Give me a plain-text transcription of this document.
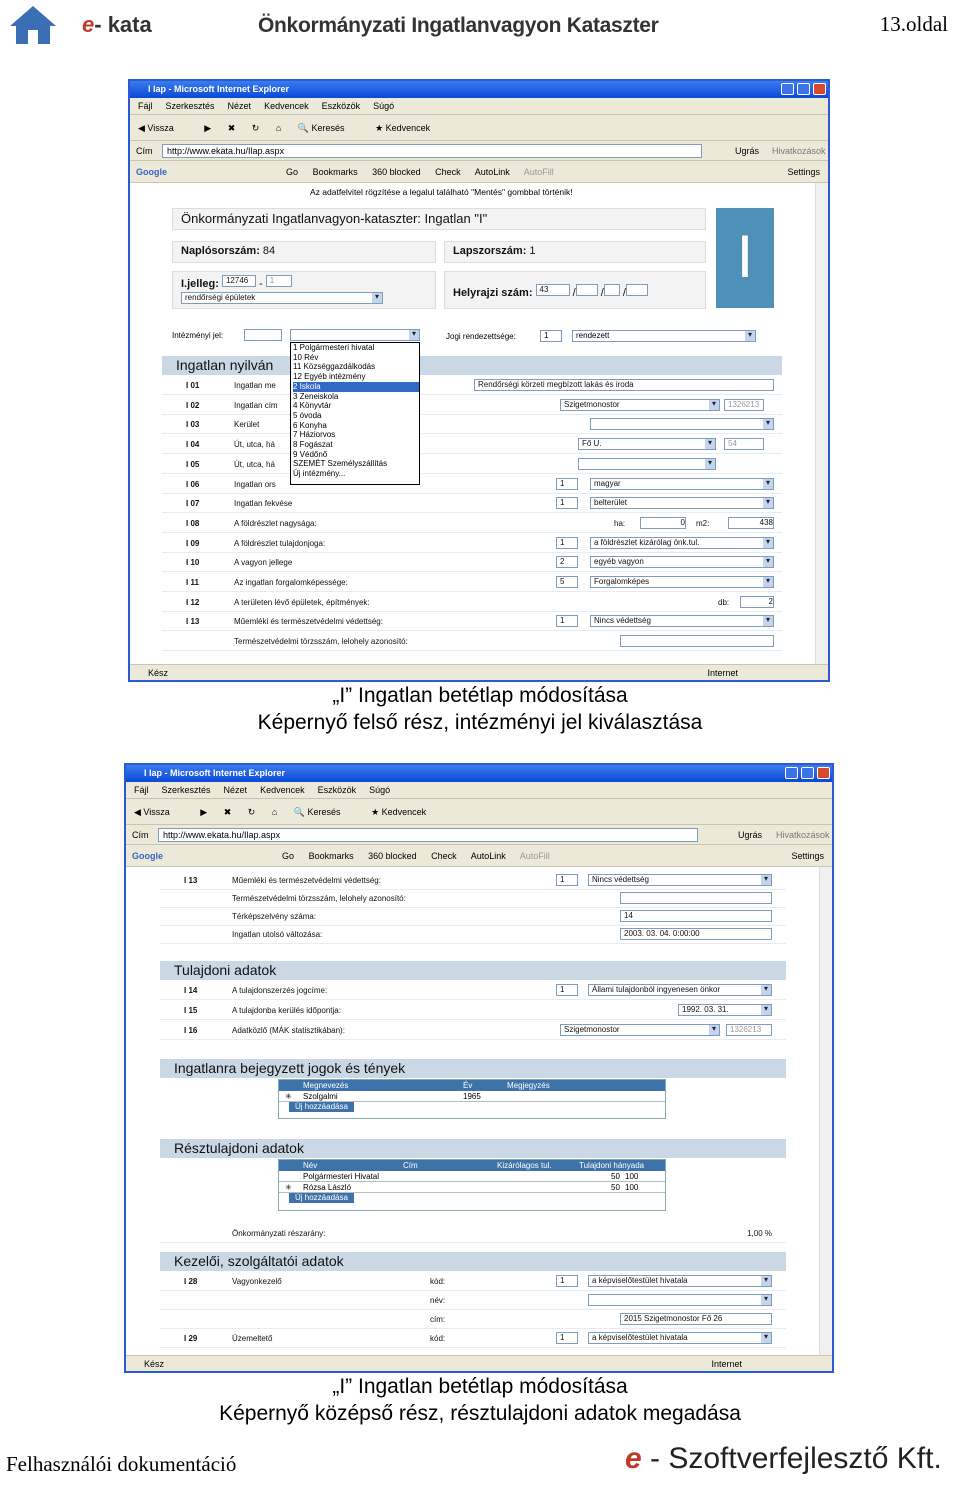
e- kata	Önkormányzati Ingatlanvagyon Kataszter	13.oldal
I lap - Microsoft Internet Explorer
Fájl Szerkesztés Nézet Kedvencek Eszközök Súgó
◀ Vissza	▶ ✖ ↻ ⌂ 🔍 Keresés	★ Kedvencek
Cím	http://www.ekata.hu/Ilap.aspx	Ugrás Hivatkozások
Google	Go Bookmarks 360 blocked Check AutoLink AutoFill	Settings
Az adatfelvitel rögzítése a legalul található "Mentés" gombbal történik!
Önkormányzati Ingatlanvagyon-kataszter: Ingatlan "I"
I
Naplósorszám: 84	Lapszorszám: 1
I.jelleg: 12746 - 1
rendőrségi épületek ▾	Helyrajzi szám: 43 / / /
Intézményi jel:
▾	Jogi rendezettsége:	1	rendezett ▾
Ingatlan nyilván
I 01	Ingatlan me	Rendőrségi körzeti megbízott lakás és iroda
I 02	Ingatlan cím	Szigetmonostor ▾	1326213
I 03	Kerület
▾
I 04	Út, utca, há	Fő U. ▾	54
I 05	Út, utca, há
▾
I 06	Ingatlan ors	1	magyar ▾
I 07	Ingatlan fekvése	1	belterület ▾
I 08	A földrészlet nagysága:	ha:	0 m2:	438
I 09	A földrészlet tulajdonjoga:	1	a földrészlet kizárólag önk.tul. ▾
I 10	A vagyon jellege	2	egyéb vagyon ▾
I 11	Az ingatlan forgalomképessége:	5	Forgalomképes ▾
I 12	A területen lévő épületek, építmények:	db:	2
I 13	Műemléki és természetvédelmi védettség:	1	Nincs védettség ▾
Természetvédelmi törzsszám, lelohely azonosító:
1 Polgármesteri hivatal
10 Rév
11 Községgazdálkodás
12 Egyéb intézmény
2 Iskola
3 Zeneiskola
4 Könyvtár
5 óvoda
6 Konyha
7 Háziorvos
8 Fogászat
9 Védőnő
SZEMÉT Személyszállítás
Új intézmény...
Kész	Internet
„I” Ingatlan betétlap módosítása
Képernyő felső rész, intézményi jel kiválasztása
I lap - Microsoft Internet Explorer
Fájl Szerkesztés Nézet Kedvencek Eszközök Súgó
◀ Vissza	▶ ✖ ↻ ⌂ 🔍 Keresés	★ Kedvencek
Cím	http://www.ekata.hu/Ilap.aspx	Ugrás Hivatkozások
Google	Go Bookmarks 360 blocked Check AutoLink AutoFill	Settings
I 13	Műemléki és természetvédelmi védettség:	1	Nincs védettség ▾
Természetvédelmi törzsszám, lelohely azonosító:
Térképszelvény száma:	14
Ingatlan utolsó változása:	2003. 03. 04. 0:00:00
Tulajdoni adatok
I 14	A tulajdonszerzés jogcíme:	1	Állami tulajdonból ingyenesen önkor ▾
I 15	A tulajdonba kerülés időpontja:	1992. 03. 31. ▾
I 16	Adatközlő (MÁK statisztikában):	Szigetmonostor ▾	1326213
Ingatlanra bejegyzett jogok és tények
Megnevezés	Év	Megjegyzés
✳ Szolgalmi	1965
Új hozzáadása
Résztulajdoni adatok
Név	Cím	Kizárólagos tul.	Tulajdoni hányada
Polgármesteri Hivatal	50 100
✳ Rózsa László	50 100
Új hozzáadása
Önkormányzati részarány:	1,00 %
Kezelői, szolgáltatói adatok
I 28	Vagyonkezelő	kód:	1	a képviselőtestület hivatala ▾
név:
▾
cím:	2015 Szigetmonostor Fő 26
I 29	Üzemeltető	kód:	1	a képviselőtestület hivatala ▾
Kész	Internet
„I” Ingatlan betétlap módosítása
Képernyő középső rész, résztulajdoni adatok megadása
Felhasználói dokumentáció	e - Szoftverfejlesztő Kft.
